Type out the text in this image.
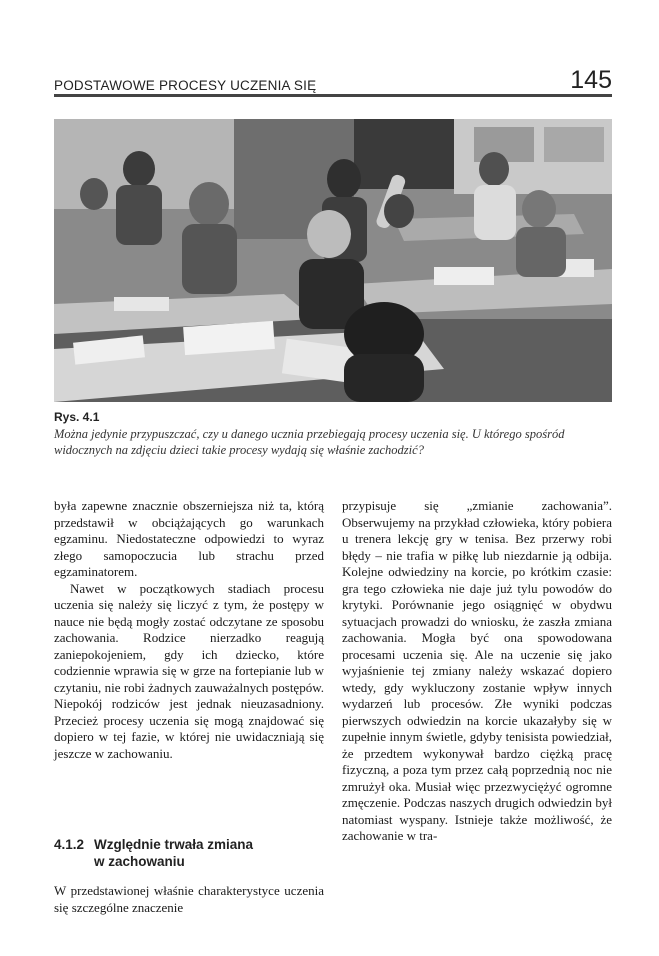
PODSTAWOWE PROCESY UCZENIA SIĘ	145
Rys. 4.1

Można jedynie przypuszczać, czy u danego ucznia przebiegają procesy uczenia się. U którego spośród widocznych na zdjęciu dzieci takie procesy wydają się właśnie zachodzić?

była zapewne znacznie obszerniejsza niż ta, którą przedstawił w obciążających go warunkach egzaminu. Niedostateczne odpowiedzi to wyraz złego samopoczucia lub strachu przed egzaminatorem.

Nawet w początkowych stadiach procesu uczenia się należy się liczyć z tym, że postępy w nauce nie będą mogły zostać odczytane ze sposobu zachowania. Rodzice nierzadko reagują zaniepokojeniem, gdy ich dziecko, które codziennie wprawia się w grze na fortepianie lub w czytaniu, nie robi żadnych zauważalnych postępów. Niepokój rodziców jest jednak nieuzasadniony. Przecież procesy uczenia się mogą znajdować się dopiero w tej fazie, w której nie uwidaczniają się jeszcze w zachowaniu.

4.1.2 Względnie trwała zmiana
w zachowaniu

W przedstawionej właśnie charakterystyce uczenia się szczególne znaczenie

przypisuje się „zmianie zachowania”. Obserwujemy na przykład człowieka, który pobiera u trenera lekcję gry w tenisa. Bez przerwy robi błędy – nie trafia w piłkę lub niezdarnie ją odbija. Kolejne odwiedziny na korcie, po krótkim czasie: gra tego człowieka nie daje już tylu powodów do krytyki. Porównanie jego osiągnięć w obydwu sytuacjach prowadzi do wniosku, że zaszła zmiana zachowania. Mogła być ona spowodowana procesami uczenia się. Ale na uczenie się jako wyjaśnienie tej zmiany należy wskazać dopiero wtedy, gdy wykluczony zostanie wpływ innych wydarzeń lub procesów. Złe wyniki podczas pierwszych odwiedzin na korcie ukazałyby się w zupełnie innym świetle, gdyby tenisista powiedział, że przedtem wykonywał bardzo ciężką pracę fizyczną, a poza tym przez całą poprzednią noc nie zmrużył oka. Musiał więc przezwyciężyć ogromne zmęczenie. Podczas naszych drugich odwiedzin był natomiast wyspany. Istnieje także możliwość, że zachowanie w tra-
